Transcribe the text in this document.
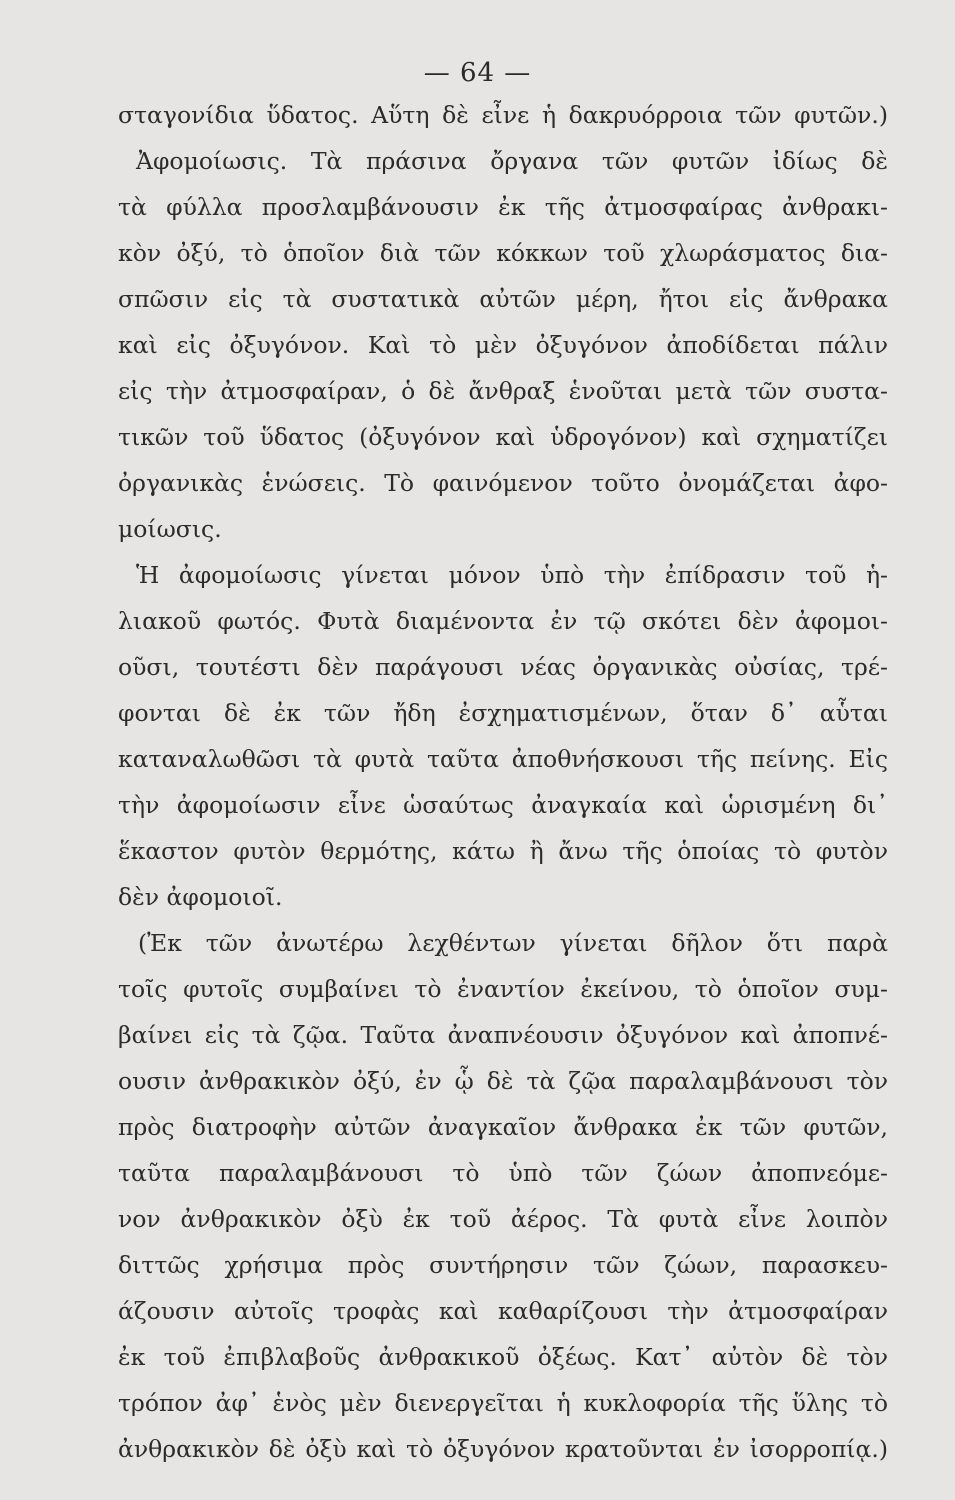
— 64 —
σταγονίδια ὕδατος. Αὕτη δὲ εἶνε ἡ δακρυόρροια τῶν φυτῶν.)
Ἀφομοίωσις. Τὰ πράσινα ὄργανα τῶν φυτῶν ἰδίως δὲ
τὰ φύλλα προσλαμβάνουσιν ἐκ τῆς ἀτμοσφαίρας ἀνθρακι-
κὸν ὀξύ, τὸ ὁποῖον διὰ τῶν κόκκων τοῦ χλωράσματος δια-
σπῶσιν εἰς τὰ συστατικὰ αὐτῶν μέρη, ἤτοι εἰς ἄνθρακα
καὶ εἰς ὀξυγόνον. Καὶ τὸ μὲν ὀξυγόνον ἀποδίδεται πάλιν
εἰς τὴν ἀτμοσφαίραν, ὁ δὲ ἄνθραξ ἑνοῦται μετὰ τῶν συστα-
τικῶν τοῦ ὕδατος (ὀξυγόνον καὶ ὑδρογόνον) καὶ σχηματίζει
ὀργανικὰς ἑνώσεις. Τὸ φαινόμενον τοῦτο ὀνομάζεται ἀφο-
μοίωσις.
Ἡ ἀφομοίωσις γίνεται μόνον ὑπὸ τὴν ἐπίδρασιν τοῦ ἡ-
λιακοῦ φωτός. Φυτὰ διαμένοντα ἐν τῷ σκότει δὲν ἀφομοι-
οῦσι, τουτέστι δὲν παράγουσι νέας ὀργανικὰς οὐσίας, τρέ-
φονται δὲ ἐκ τῶν ἤδη ἐσχηματισμένων, ὅταν δ᾽ αὗται
καταναλωθῶσι τὰ φυτὰ ταῦτα ἀποθνήσκουσι τῆς πείνης. Εἰς
τὴν ἀφομοίωσιν εἶνε ὡσαύτως ἀναγκαία καὶ ὡρισμένη δι᾽
ἕκαστον φυτὸν θερμότης, κάτω ἢ ἄνω τῆς ὁποίας τὸ φυτὸν
δὲν ἀφομοιοῖ.
(Ἐκ τῶν ἀνωτέρω λεχθέντων γίνεται δῆλον ὅτι παρὰ
τοῖς φυτοῖς συμβαίνει τὸ ἐναντίον ἐκείνου, τὸ ὁποῖον συμ-
βαίνει εἰς τὰ ζῷα. Ταῦτα ἀναπνέουσιν ὀξυγόνον καὶ ἀποπνέ-
ουσιν ἀνθρακικὸν ὀξύ, ἐν ᾧ δὲ τὰ ζῷα παραλαμβάνουσι τὸν
πρὸς διατροφὴν αὐτῶν ἀναγκαῖον ἄνθρακα ἐκ τῶν φυτῶν,
ταῦτα παραλαμβάνουσι τὸ ὑπὸ τῶν ζώων ἀποπνεόμε-
νον ἀνθρακικὸν ὀξὺ ἐκ τοῦ ἀέρος. Τὰ φυτὰ εἶνε λοιπὸν
διττῶς χρήσιμα πρὸς συντήρησιν τῶν ζώων, παρασκευ-
άζουσιν αὐτοῖς τροφὰς καὶ καθαρίζουσι τὴν ἀτμοσφαίραν
ἐκ τοῦ ἐπιβλαβοῦς ἀνθρακικοῦ ὀξέως. Κατ᾽ αὐτὸν δὲ τὸν
τρόπον ἀφ᾽ ἑνὸς μὲν διενεργεῖται ἡ κυκλοφορία τῆς ὕλης τὸ
ἀνθρακικὸν δὲ ὀξὺ καὶ τὸ ὀξυγόνον κρατοῦνται ἐν ἰσορροπίᾳ.)
